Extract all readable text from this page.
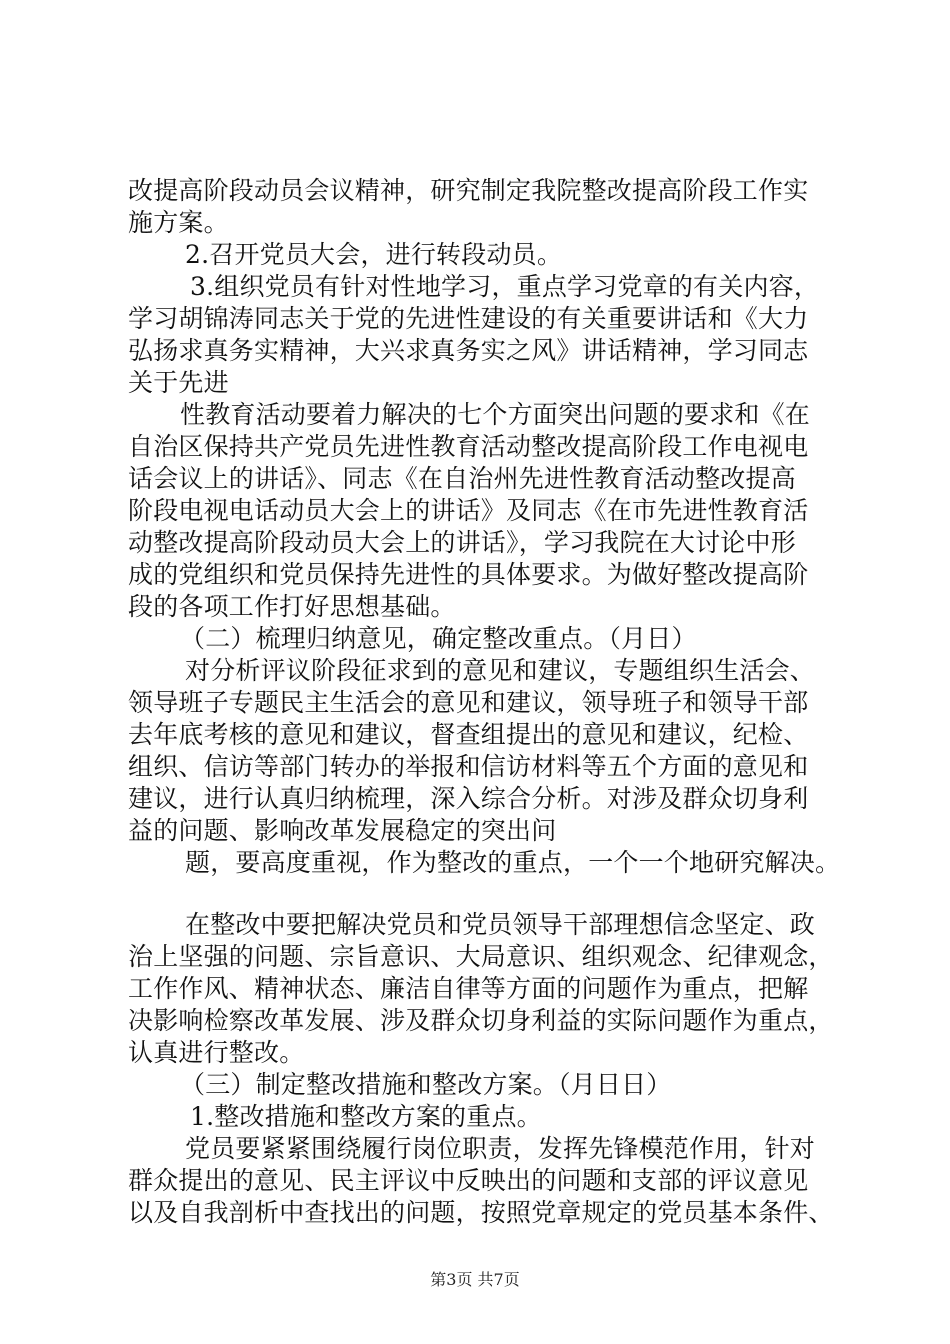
改提高阶段动员会议精神，研究制定我院整改提高阶段工作实
施方案。
2.召开党员大会，进行转段动员。
3.组织党员有针对性地学习，重点学习党章的有关内容，
学习胡锦涛同志关于党的先进性建设的有关重要讲话和《大力
弘扬求真务实精神，大兴求真务实之风》讲话精神，学习同志
关于先进
性教育活动要着力解决的七个方面突出问题的要求和《在
自治区保持共产党员先进性教育活动整改提高阶段工作电视电
话会议上的讲话》、同志《在自治州先进性教育活动整改提高
阶段电视电话动员大会上的讲话》及同志《在市先进性教育活
动整改提高阶段动员大会上的讲话》，学习我院在大讨论中形
成的党组织和党员保持先进性的具体要求。为做好整改提高阶
段的各项工作打好思想基础。
（二）梳理归纳意见，确定整改重点。（月日）
对分析评议阶段征求到的意见和建议，专题组织生活会、
领导班子专题民主生活会的意见和建议，领导班子和领导干部
去年底考核的意见和建议，督查组提出的意见和建议，纪检、
组织、信访等部门转办的举报和信访材料等五个方面的意见和
建议，进行认真归纳梳理，深入综合分析。对涉及群众切身利
益的问题、影响改革发展稳定的突出问
题，要高度重视，作为整改的重点，一个一个地研究解决。
在整改中要把解决党员和党员领导干部理想信念坚定、政
治上坚强的问题、宗旨意识、大局意识、组织观念、纪律观念，
工作作风、精神状态、廉洁自律等方面的问题作为重点，把解
决影响检察改革发展、涉及群众切身利益的实际问题作为重点，
认真进行整改。
（三）制定整改措施和整改方案。（月日日）
1.整改措施和整改方案的重点。
党员要紧紧围绕履行岗位职责，发挥先锋模范作用，针对
群众提出的意见、民主评议中反映出的问题和支部的评议意见
以及自我剖析中查找出的问题，按照党章规定的党员基本条件、
第3页 共7页
